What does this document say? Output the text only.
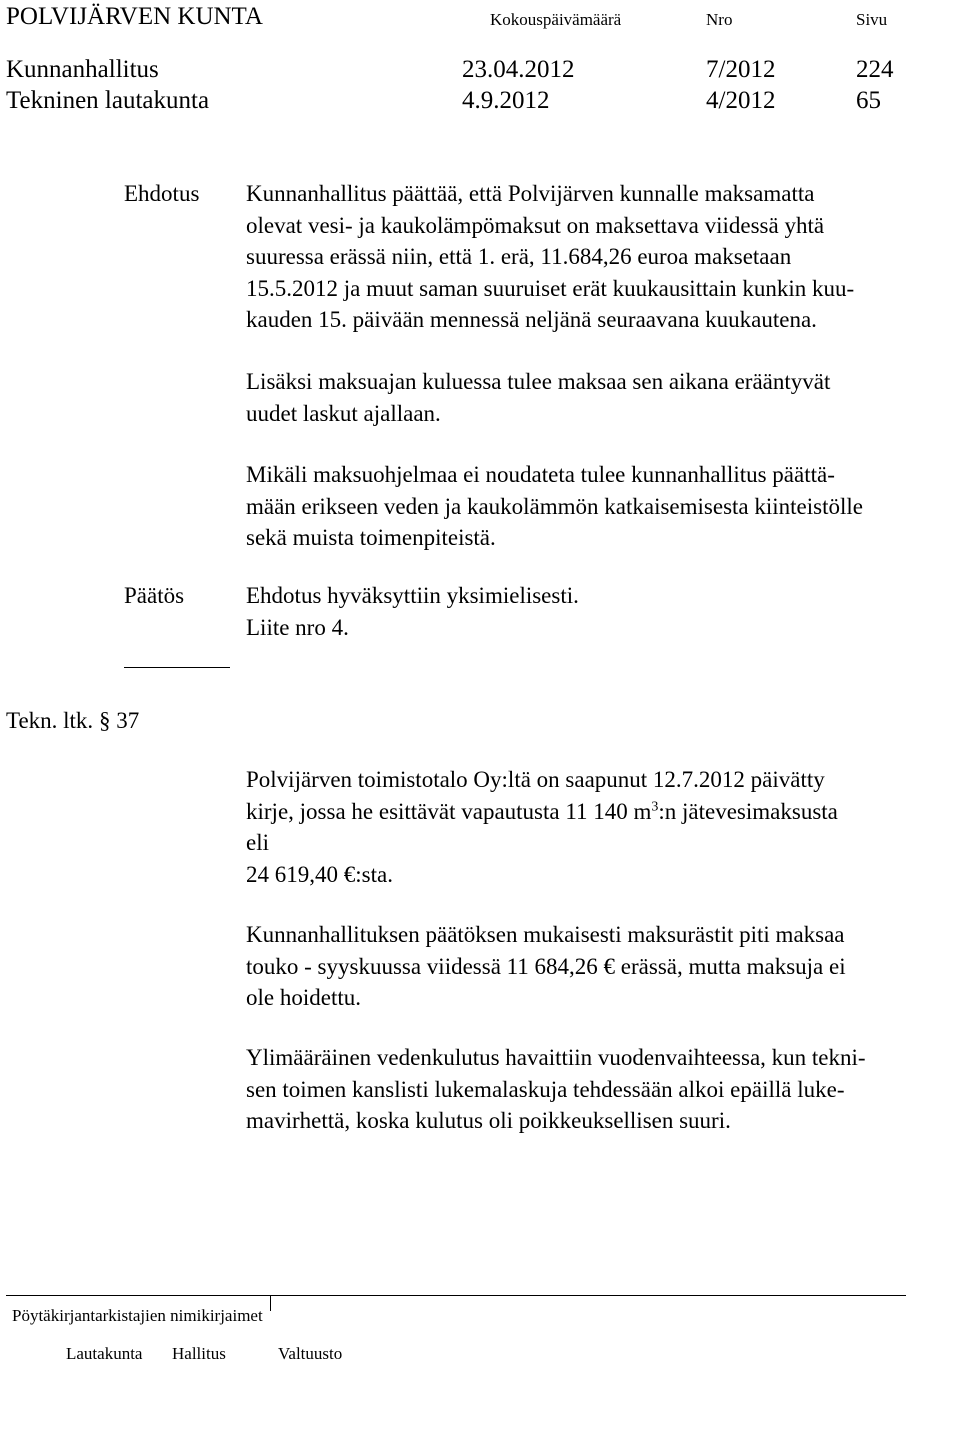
POLVIJÄRVEN KUNTA	Kokouspäivämäärä	Nro	Sivu
Kunnanhallitus	23.04.2012	7/2012	224
Tekninen lautakunta	4.9.2012	4/2012	65
Ehdotus Kunnanhallitus päättää, että Polvijärven kunnalle maksamatta
olevat vesi- ja kaukolämpömaksut on maksettava viidessä yhtä
suuressa erässä niin, että 1. erä, 11.684,26 euroa maksetaan
15.5.2012 ja muut saman suuruiset erät kuukausittain kunkin kuu-
kauden 15. päivään mennessä neljänä seuraavana kuukautena.
Lisäksi maksuajan kuluessa tulee maksaa sen aikana erääntyvät
uudet laskut ajallaan.
Mikäli maksuohjelmaa ei noudateta tulee kunnanhallitus päättä-
mään erikseen veden ja kaukolämmön katkaisemisesta kiinteistölle
sekä muista toimenpiteistä.
Päätös	Ehdotus hyväksyttiin yksimielisesti.
Liite nro 4.
Tekn. ltk. § 37
Polvijärven toimistotalo Oy:ltä on saapunut 12.7.2012 päivätty
kirje, jossa he esittävät vapautusta 11 140 $m^3:n$ jätevesimaksusta
eli
24 619,40 €:sta.
Kunnanhallituksen päätöksen mukaisesti maksurästit piti maksaa
touko - syyskuussa viidessä 11 684,26 € erässä, mutta maksuja ei
ole hoidettu.
Ylimääräinen vedenkulutus havaittiin vuodenvaihteessa, kun tekni-
sen toimen kanslisti lukemalaskuja tehdessään alkoi epäillä luke-
mavirhettä, koska kulutus oli poikkeuksellisen suuri.
Pöytäkirjantarkistajien nimikirjaimet
Lautakunta Hallitus	Valtuusto
